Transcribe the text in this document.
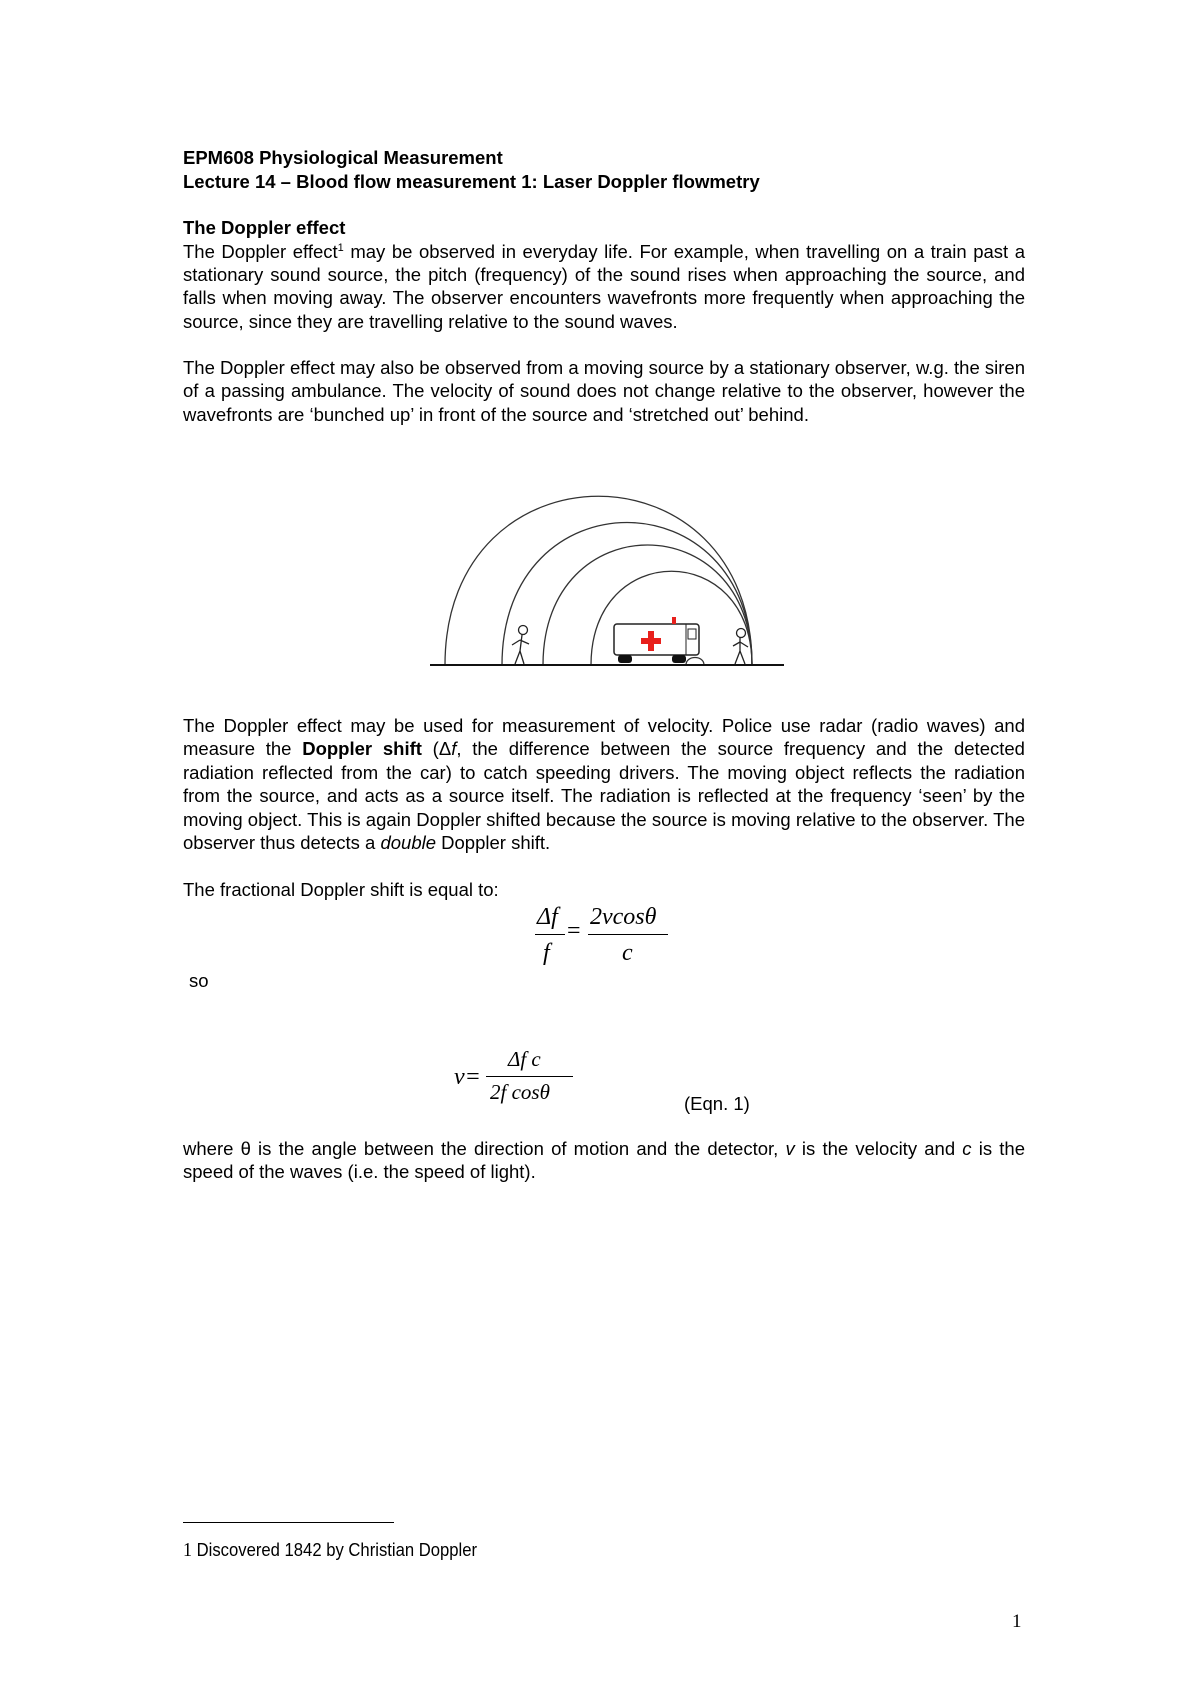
EPM608 Physiological Measurement
Lecture 14 – Blood flow measurement 1: Laser Doppler flowmetry
The Doppler effect
The Doppler effect$^1$ may be observed in everyday life. For example, when travelling on a train past a stationary sound source, the pitch (frequency) of the sound rises when approaching the source, and falls when moving away. The observer encounters wavefronts more frequently when approaching the source, since they are travelling relative to the sound waves.
The Doppler effect may also be observed from a moving source by a stationary observer, w.g. the siren of a passing ambulance. The velocity of sound does not change relative to the observer, however the wavefronts are ‘bunched up’ in front of the source and ‘stretched out’ behind.
The Doppler effect may be used for measurement of velocity. Police use radar (radio waves) and measure the Doppler shift (Δf, the difference between the source frequency and the detected radiation reflected from the car) to catch speeding drivers. The moving object reflects the radiation from the source, and acts as a source itself. The radiation is reflected at the frequency ‘seen’ by the moving object. This is again Doppler shifted because the source is moving relative to the observer. The observer thus detects a double Doppler shift.
The fractional Doppler shift is equal to:
Δf
f
=
2vcosθ
c
so
v=
Δf c
2f cosθ	(Eqn. 1)
where θ is the angle between the direction of motion and the detector, v is the velocity and c is the speed of the waves (i.e. the speed of light).
1 Discovered 1842 by Christian Doppler
1
